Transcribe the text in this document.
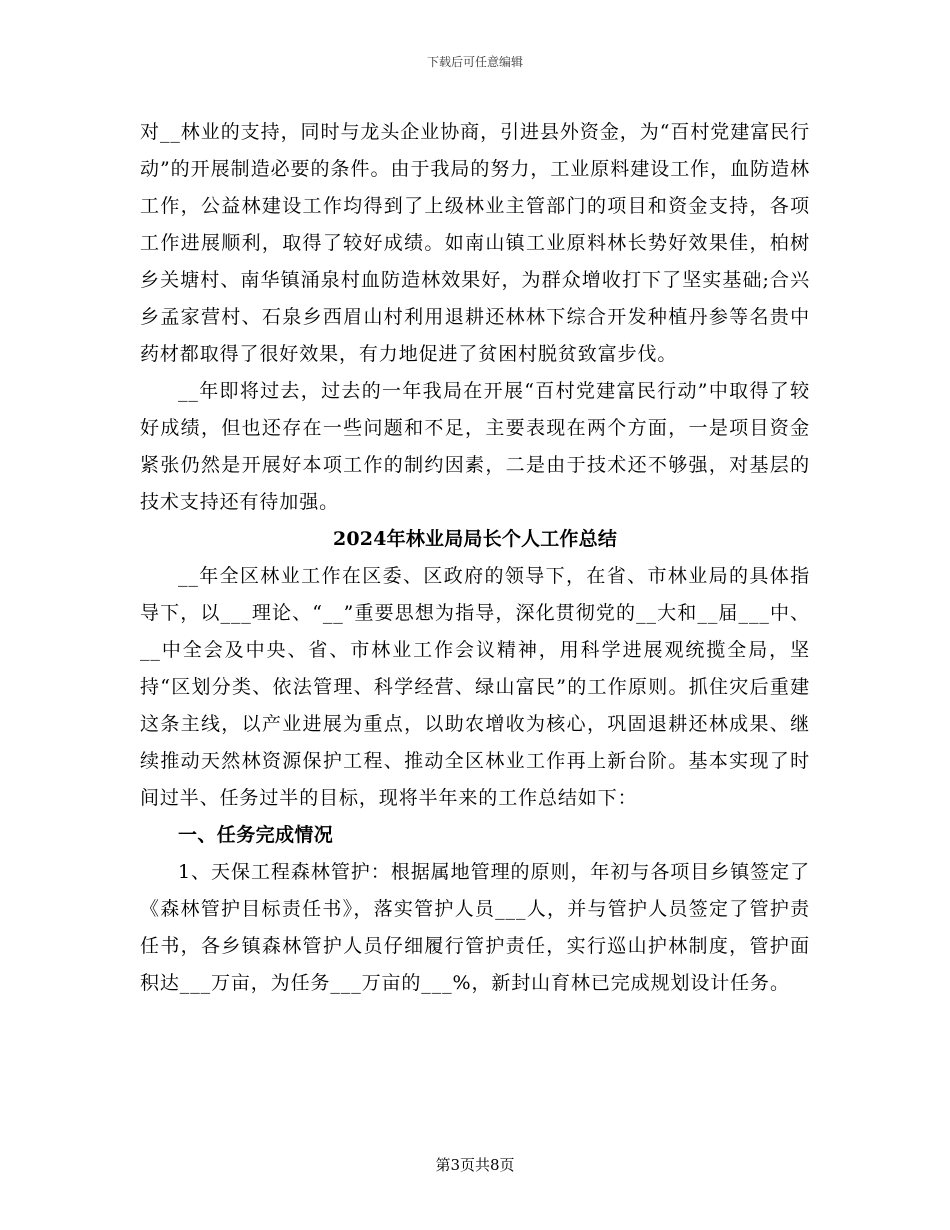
下载后可任意编辑

对__林业的支持，同时与龙头企业协商，引进县外资金，为“百村党建富民行动”的开展制造必要的条件。由于我局的努力，工业原料建设工作，血防造林工作，公益林建设工作均得到了上级林业主管部门的项目和资金支持，各项工作进展顺利，取得了较好成绩。如南山镇工业原料林长势好效果佳，柏树乡关塘村、南华镇涌泉村血防造林效果好，为群众增收打下了坚实基础;合兴乡孟家营村、石泉乡西眉山村利用退耕还林林下综合开发种植丹参等名贵中药材都取得了很好效果，有力地促进了贫困村脱贫致富步伐。

__年即将过去，过去的一年我局在开展“百村党建富民行动”中取得了较好成绩，但也还存在一些问题和不足，主要表现在两个方面，一是项目资金紧张仍然是开展好本项工作的制约因素，二是由于技术还不够强，对基层的技术支持还有待加强。

2024年林业局局长个人工作总结

__年全区林业工作在区委、区政府的领导下，在省、市林业局的具体指导下，以___理论、“__”重要思想为指导，深化贯彻党的__大和__届___中、__中全会及中央、省、市林业工作会议精神，用科学进展观统揽全局，坚持“区划分类、依法管理、科学经营、绿山富民”的工作原则。抓住灾后重建这条主线，以产业进展为重点，以助农增收为核心，巩固退耕还林成果、继续推动天然林资源保护工程、推动全区林业工作再上新台阶。基本实现了时间过半、任务过半的目标，现将半年来的工作总结如下：

一、任务完成情况

1、天保工程森林管护：根据属地管理的原则，年初与各项目乡镇签定了《森林管护目标责任书》，落实管护人员___人，并与管护人员签定了管护责任书，各乡镇森林管护人员仔细履行管护责任，实行巡山护林制度，管护面积达___万亩，为任务___万亩的___%，新封山育林已完成规划设计任务。

第3页共8页
